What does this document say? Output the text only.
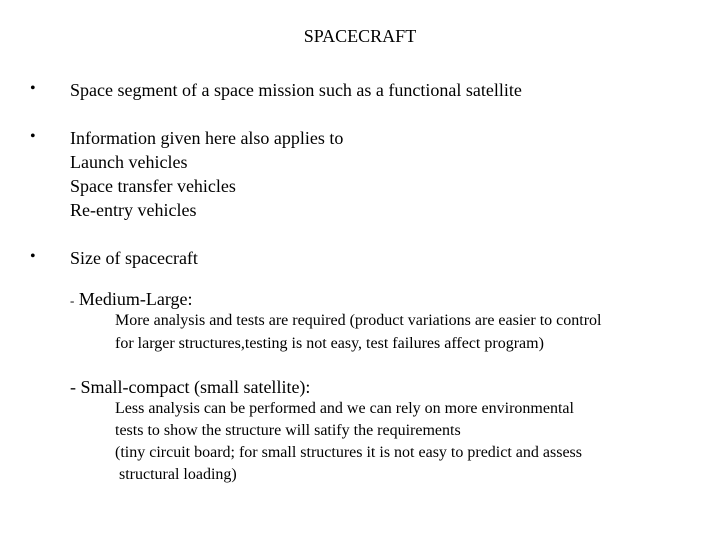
SPACECRAFT
• Space segment of a space mission such as a functional satellite
• Information given here also applies to
Launch vehicles
Space transfer vehicles
Re-entry vehicles
• Size of spacecraft
- Medium-Large:
More analysis and tests are required (product variations are easier to control
for larger structures,testing is not easy, test failures affect program)
- Small-compact (small satellite):
Less analysis can be performed and we can rely on more environmental
tests to show the structure will satify the requirements
(tiny circuit board; for small structures it is not easy to predict and assess
structural loading)
